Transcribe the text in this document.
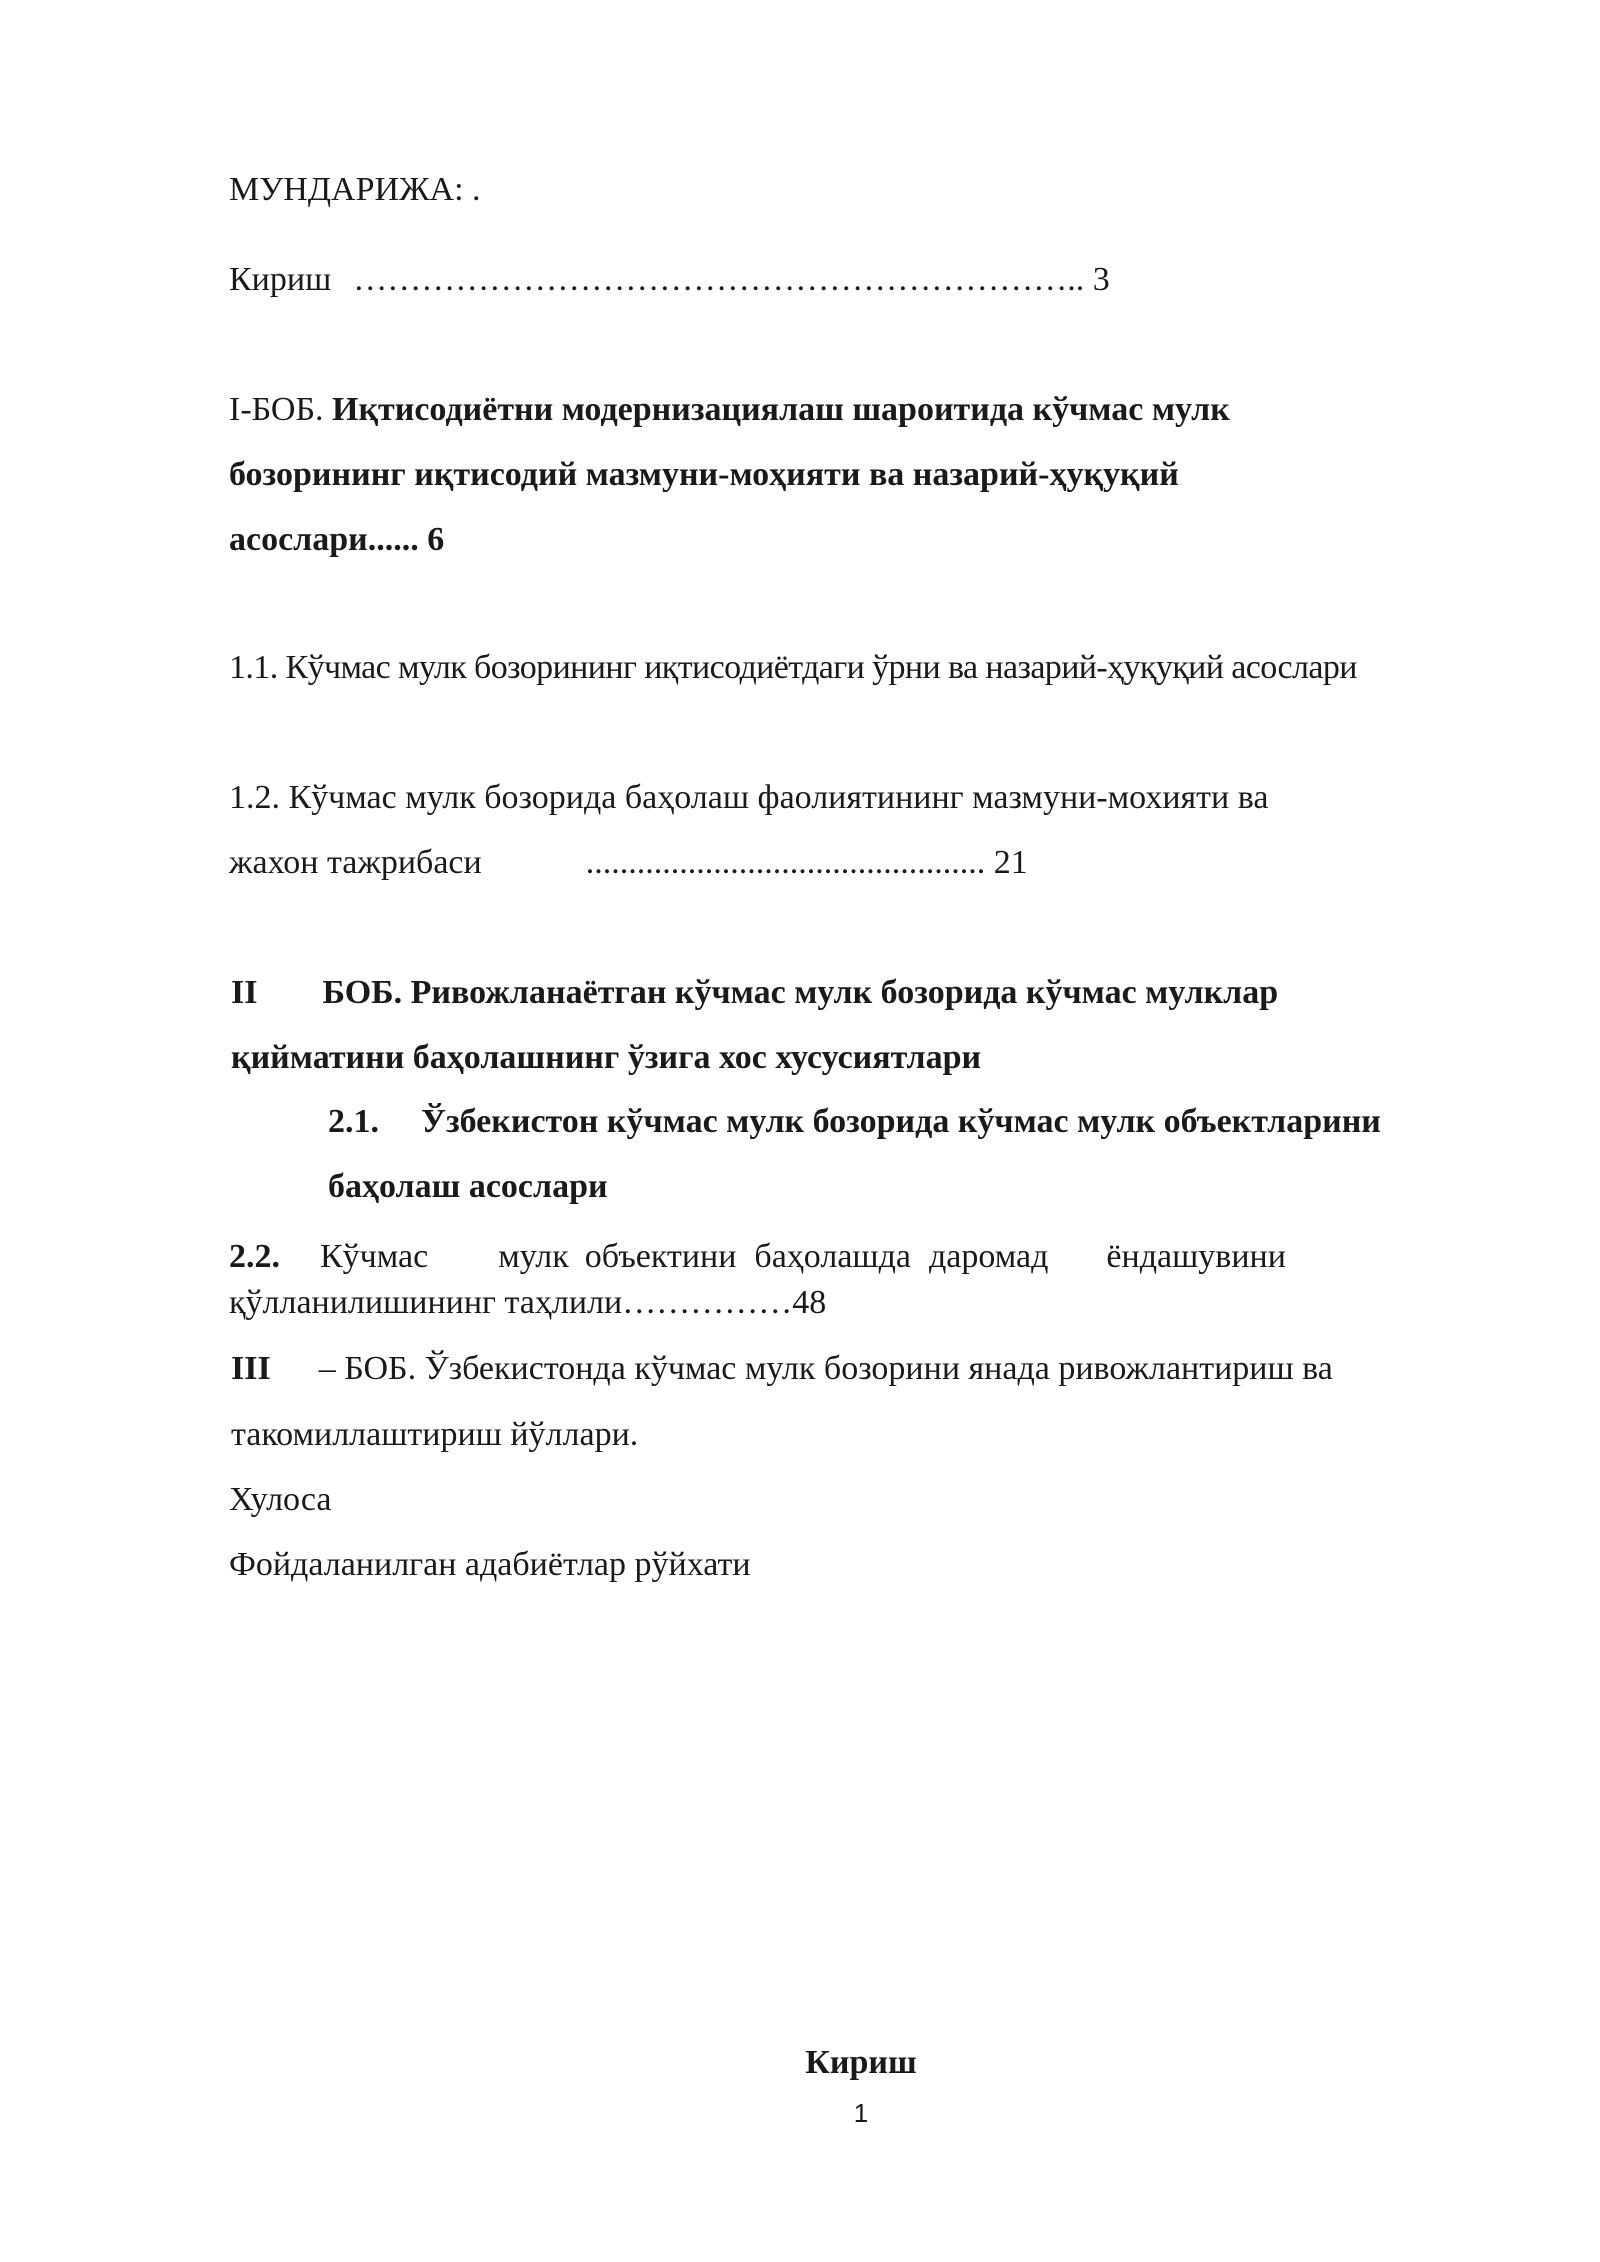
МУНДАРИЖА: .
Кириш ……………………………………………………….. 3
I-БОБ. Иқтисодиётни модернизациялаш шароитида кўчмас мулк
бозорининг иқтисодий мазмуни-моҳияти ва назарий-ҳуқуқий
асослари...... 6
1.1. Кўчмас мулк бозорининг иқтисодиётдаги ўрни ва назарий-ҳуқуқий асослари
1.2. Кўчмас мулк бозорида баҳолаш фаолиятининг мазмуни-мохияти ва
жахон тажрибаси	............................................... 21
II БОБ. Ривожланаётган кўчмас мулк бозорида кўчмас мулклар
қийматини баҳолашнинг ўзига хос хусусиятлари
2.1. Ўзбекистон кўчмас мулк бозорида кўчмас мулк объектларини
баҳолаш асослари
2.2. Кўчмас мулк объектини баҳолашда даромад ёндашувини
қўлланилишининг таҳлили……………48
III – БОБ. Ўзбекистонда кўчмас мулк бозорини янада ривожлантириш ва
такомиллаштириш йўллари.
Хулоса
Фойдаланилган адабиётлар рўйхати
Кириш
1
